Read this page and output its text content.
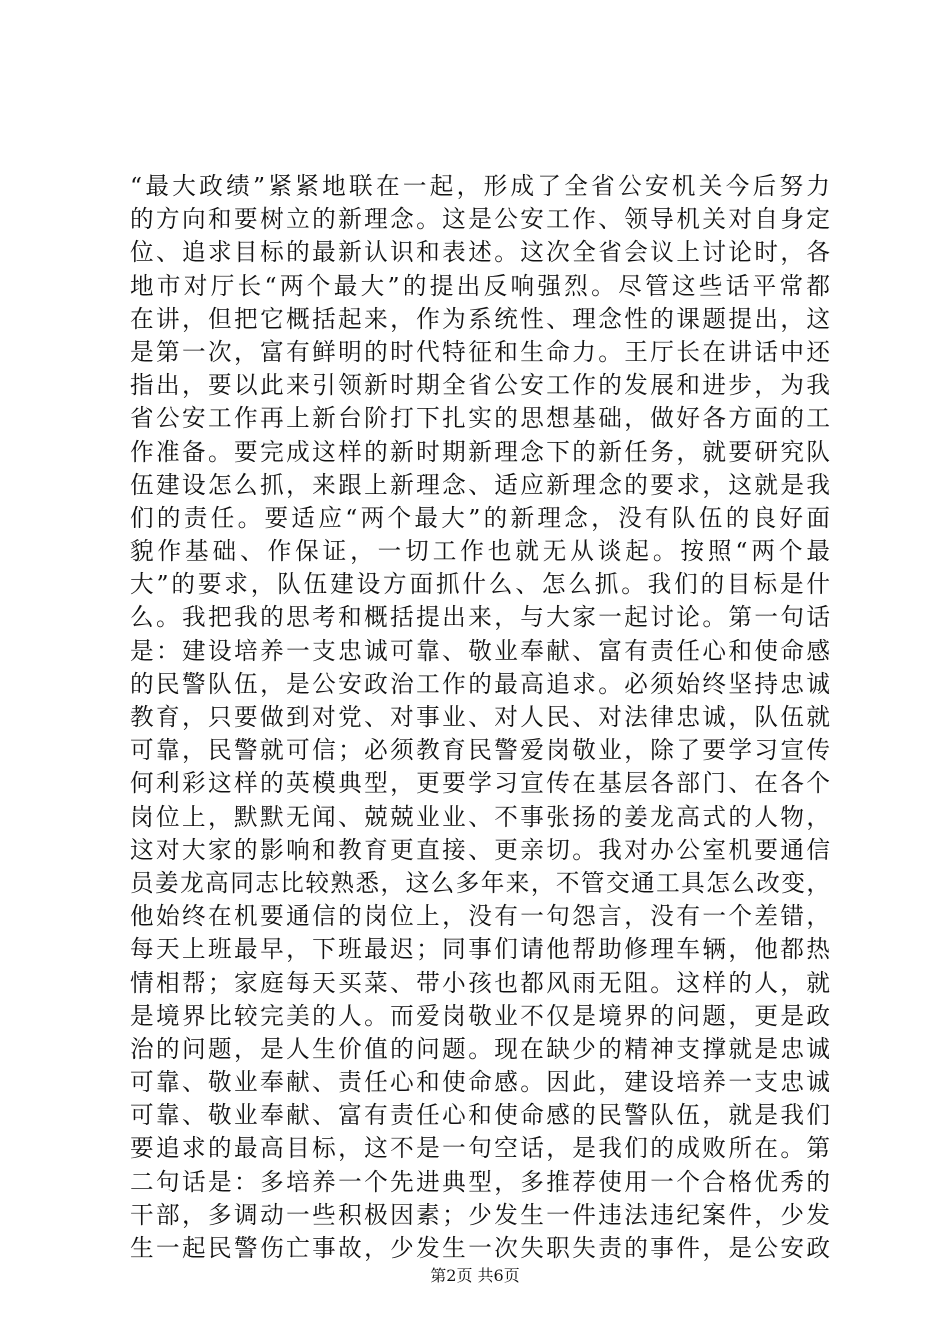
“最大政绩”紧紧地联在一起，形成了全省公安机关今后努力
的方向和要树立的新理念。这是公安工作、领导机关对自身定
位、追求目标的最新认识和表述。这次全省会议上讨论时，各
地市对厅长“两个最大”的提出反响强烈。尽管这些话平常都
在讲，但把它概括起来，作为系统性、理念性的课题提出，这
是第一次，富有鲜明的时代特征和生命力。王厅长在讲话中还
指出，要以此来引领新时期全省公安工作的发展和进步，为我
省公安工作再上新台阶打下扎实的思想基础，做好各方面的工
作准备。要完成这样的新时期新理念下的新任务，就要研究队
伍建设怎么抓，来跟上新理念、适应新理念的要求，这就是我
们的责任。要适应“两个最大”的新理念，没有队伍的良好面
貌作基础、作保证，一切工作也就无从谈起。按照“两个最
大”的要求，队伍建设方面抓什么、怎么抓。我们的目标是什
么。我把我的思考和概括提出来，与大家一起讨论。第一句话
是：建设培养一支忠诚可靠、敬业奉献、富有责任心和使命感
的民警队伍，是公安政治工作的最高追求。必须始终坚持忠诚
教育，只要做到对党、对事业、对人民、对法律忠诚，队伍就
可靠，民警就可信；必须教育民警爱岗敬业，除了要学习宣传
何利彩这样的英模典型，更要学习宣传在基层各部门、在各个
岗位上，默默无闻、兢兢业业、不事张扬的姜龙高式的人物，
这对大家的影响和教育更直接、更亲切。我对办公室机要通信
员姜龙高同志比较熟悉，这么多年来，不管交通工具怎么改变，
他始终在机要通信的岗位上，没有一句怨言，没有一个差错，
每天上班最早，下班最迟；同事们请他帮助修理车辆，他都热
情相帮；家庭每天买菜、带小孩也都风雨无阻。这样的人，就
是境界比较完美的人。而爱岗敬业不仅是境界的问题，更是政
治的问题，是人生价值的问题。现在缺少的精神支撑就是忠诚
可靠、敬业奉献、责任心和使命感。因此，建设培养一支忠诚
可靠、敬业奉献、富有责任心和使命感的民警队伍，就是我们
要追求的最高目标，这不是一句空话，是我们的成败所在。第
二句话是：多培养一个先进典型，多推荐使用一个合格优秀的
干部，多调动一些积极因素；少发生一件违法违纪案件，少发
生一起民警伤亡事故，少发生一次失职失责的事件，是公安政
第2页 共6页
